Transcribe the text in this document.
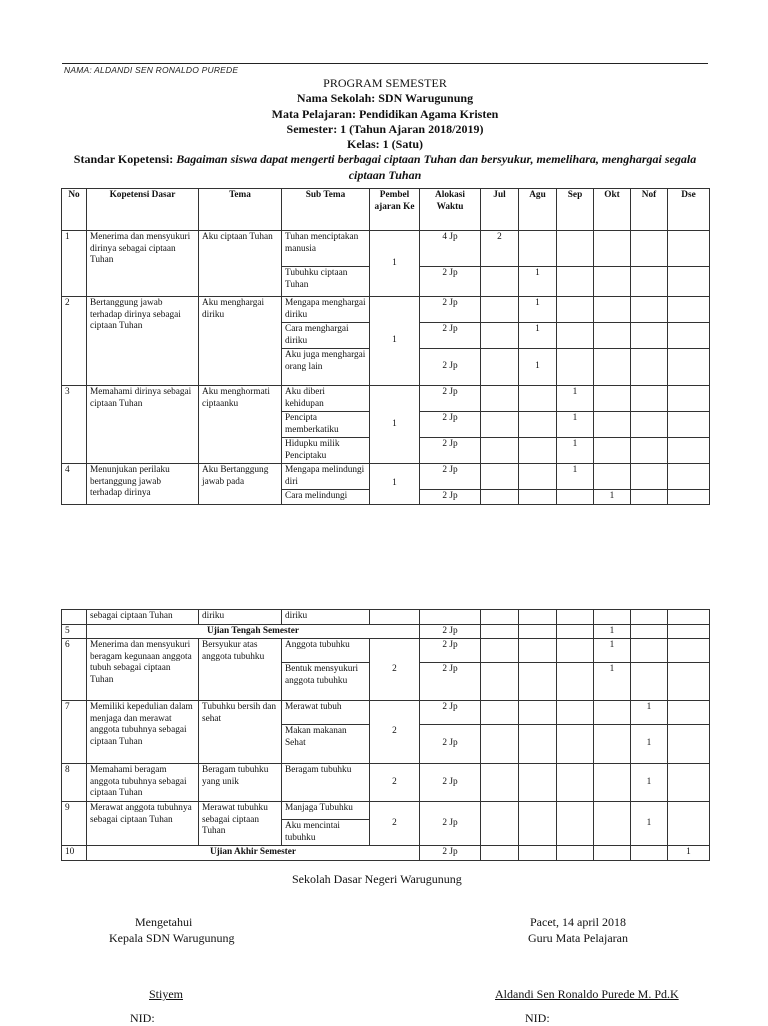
NAMA: ALDANDI SEN RONALDO PUREDE
PROGRAM SEMESTER
Nama Sekolah: SDN Warugunung
Mata Pelajaran: Pendidikan Agama Kristen
Semester: 1 (Tahun Ajaran 2018/2019)
Kelas: 1 (Satu)
Standar Kopetensi: Bagaiman siswa dapat mengerti berbagai ciptaan Tuhan dan bersyukur, memelihara, menghargai segala ciptaan Tuhan
No	Kopetensi Dasar	Tema	Sub Tema	Pembel ajaran Ke	Alokasi Waktu	Jul	Agu	Sep	Okt	Nof	Dse
1	Menerima dan mensyukuri dirinya sebagai ciptaan Tuhan	Aku ciptaan Tuhan	Tuhan menciptakan manusia	1	4 Jp	2					
			Tubuhku ciptaan Tuhan		2 Jp		1				
2	Bertanggung jawab terhadap dirinya sebagai ciptaan Tuhan	Aku menghargai diriku	Mengapa menghargai diriku	1	2 Jp		1				
			Cara menghargai diriku		2 Jp		1				
			Aku juga menghargai orang lain		2 Jp		1				
3	Memahami dirinya sebagai ciptaan Tuhan	Aku menghormati ciptaanku	Aku diberi kehidupan	1	2 Jp			1			
			Pencipta memberkatiku		2 Jp			1			
			Hidupku milik Penciptaku		2 Jp			1			
4	Menunjukan perilaku bertanggung jawab terhadap dirinya	Aku Bertanggung jawab pada	Mengapa melindungi diri	1	2 Jp			1			
			Cara melindungi		2 Jp				1		
	sebagai ciptaan Tuhan	diriku	diriku								
5	Ujian Tengah Semester				2 Jp				1		
6	Menerima dan mensyukuri beragam kegunaan anggota tubuh sebagai ciptaan Tuhan	Bersyukur atas anggota tubuhku	Anggota tubuhku	2	2 Jp				1		
			Bentuk mensyukuri anggota tubuhku		2 Jp				1		
7	Memiliki kepedulian dalam menjaga dan merawat anggota tubuhnya sebagai ciptaan Tuhan	Tubuhku bersih dan sehat	Merawat tubuh	2	2 Jp					1	
			Makan makanan Sehat		2 Jp					1	
8	Memahami beragam anggota tubuhnya sebagai ciptaan Tuhan	Beragam tubuhku yang unik	Beragam tubuhku	2	2 Jp					1	
9	Merawat anggota tubuhnya sebagai ciptaan Tuhan	Merawat tubuhku sebagai ciptaan Tuhan	Manjaga Tubuhku	2	2 Jp					1	
			Aku mencintai tubuhku								
10	Ujian Akhir Semester				2 Jp						1
Sekolah Dasar Negeri Warugunung
Mengetahui
Kepala SDN Warugunung
Stiyem
NID:
Pacet, 14 april 2018
Guru Mata Pelajaran
Aldandi Sen Ronaldo Purede M. Pd.K
NID:
